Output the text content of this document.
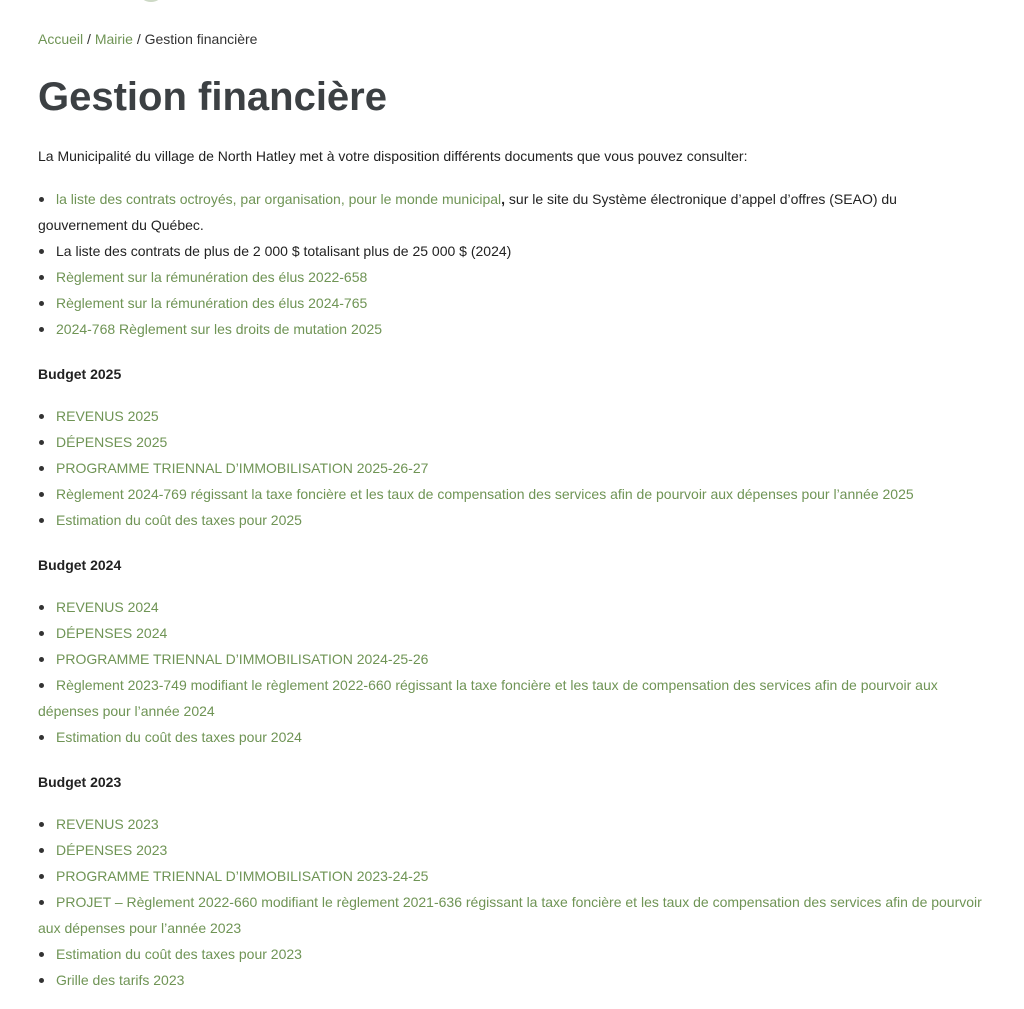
Accueil / Mairie / Gestion financière
Gestion financière

La Municipalité du village de North Hatley met à votre disposition différents documents que vous pouvez consulter:

la liste des contrats octroyés, par organisation, pour le monde municipal, sur le site du Système électronique d’appel d’offres (SEAO) du gouvernement du Québec.
La liste des contrats de plus de 2 000 $ totalisant plus de 25 000 $ (2024)
Règlement sur la rémunération des élus 2022-658
Règlement sur la rémunération des élus 2024-765
2024-768 Règlement sur les droits de mutation 2025
Budget 2025
REVENUS 2025
DÉPENSES 2025
PROGRAMME TRIENNAL D’IMMOBILISATION 2025-26-27
Règlement 2024-769 régissant la taxe foncière et les taux de compensation des services afin de pourvoir aux dépenses pour l’année 2025
Estimation du coût des taxes pour 2025
Budget 2024
REVENUS 2024
DÉPENSES 2024
PROGRAMME TRIENNAL D’IMMOBILISATION 2024-25-26
Règlement 2023-749 modifiant le règlement 2022-660 régissant la taxe foncière et les taux de compensation des services afin de pourvoir aux dépenses pour l’année 2024
Estimation du coût des taxes pour 2024
Budget 2023
REVENUS 2023
DÉPENSES 2023
PROGRAMME TRIENNAL D’IMMOBILISATION 2023-24-25
PROJET – Règlement 2022-660 modifiant le règlement 2021-636 régissant la taxe foncière et les taux de compensation des services afin de pourvoir aux dépenses pour l’année 2023
Estimation du coût des taxes pour 2023
Grille des tarifs 2023
